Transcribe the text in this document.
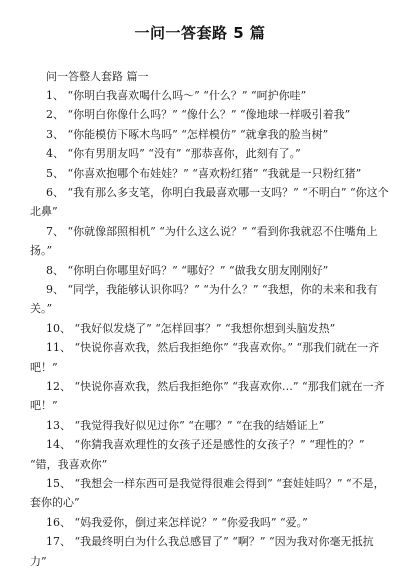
一问一答套路 5 篇
问一答整人套路 篇一
1、 “你明白我喜欢喝什么吗～” “什么？” “呵护你哇”
2、 “你明白你像什么吗？” “像什么？” “像地球一样吸引着我”
3、 “你能模仿下啄木鸟吗” “怎样模仿” “就拿我的脸当树”
4、 “你有男朋友吗” “没有” “那恭喜你，此刻有了。”
5、 “你喜欢抱哪个布娃娃？” “喜欢粉红猪” “我就是一只粉红猪”
6、 “我有那么多支笔，你明白我最喜欢哪一支吗？” “不明白” “你这个
北鼻”
7、 “你就像部照相机” “为什么这么说？” “看到你我就忍不住嘴角上
扬。”
8、 “你明白你哪里好吗？” “哪好？” “做我女朋友刚刚好”
9、 “同学，我能够认识你吗？” “为什么？” “我想，你的未来和我有
关。”
10、 “我好似发烧了” “怎样回事？” “我想你想到头脑发热”
11、 “快说你喜欢我，然后我拒绝你” “我喜欢你。” “那我们就在一齐
吧！”
12、 “快说你喜欢我，然后我拒绝你” “我喜欢你…” “那我们就在一齐
吧！”
13、 “我觉得我好似见过你” “在哪？” “在我的结婚证上”
14、 “你猜我喜欢理性的女孩子还是感性的女孩子？” “理性的？”
“错，我喜欢你”
15、 “我想会一样东西可是我觉得很难会得到” “套娃娃吗？” “不是，
套你的心”
16、 “妈我爱你，倒过来怎样说？” “你爱我吗” “爱。”
17、 “我最终明白为什么我总感冒了” “啊？” “因为我对你毫无抵抗
力”
